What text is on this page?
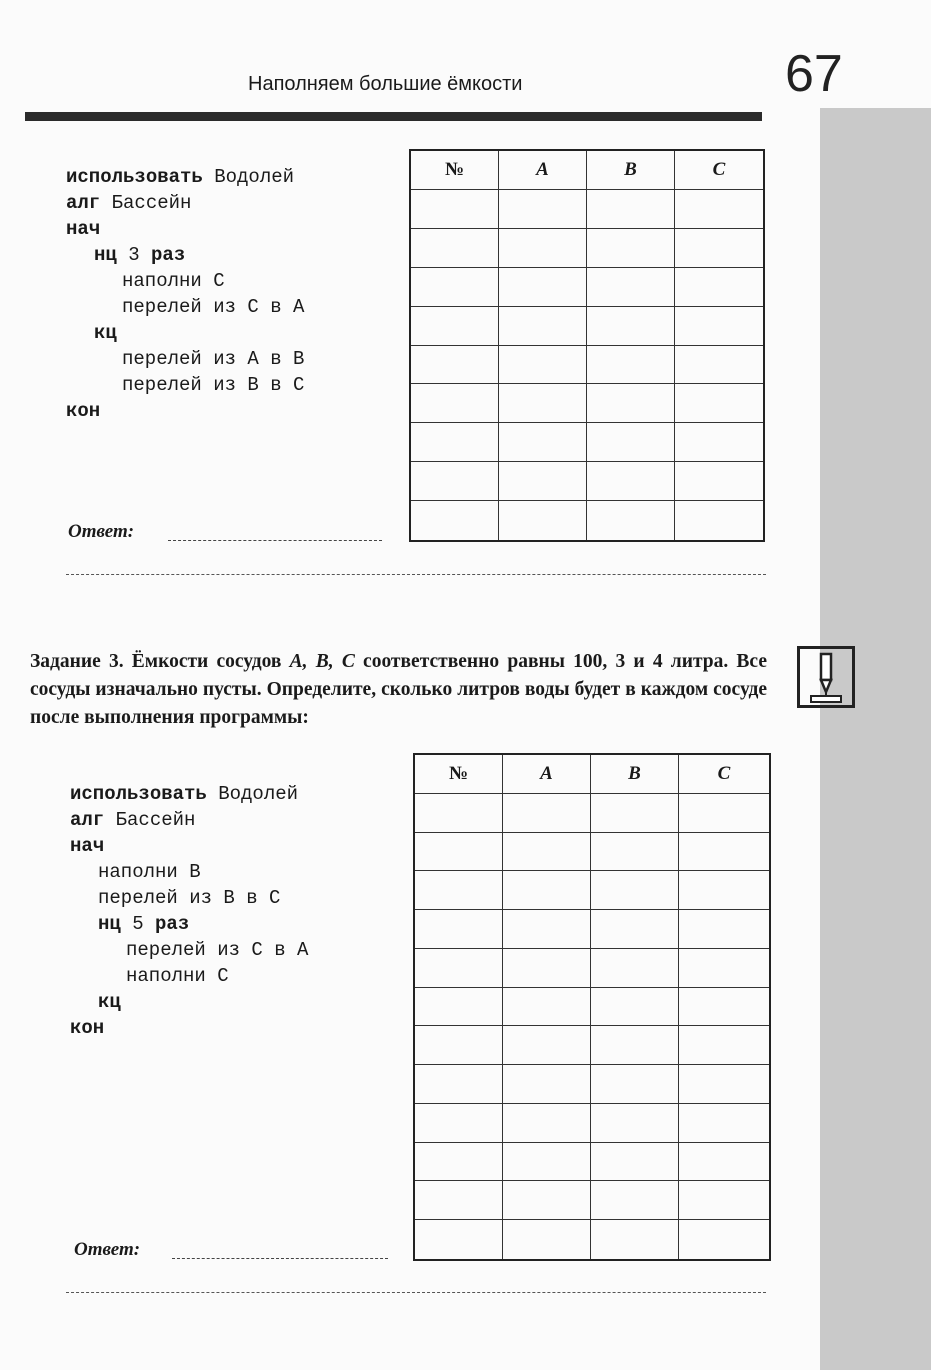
Наполняем большие ёмкости	67
использовать Водолей
алг Бассейн
нач
нц 3 раз
наполни C
перелей из C в A
кц
перелей из A в B
перелей из B в C
кон
№	A	B	C
Ответ:
Задание 3. Ёмкости сосудов A, B, C соответственно равны 100, 3 и 4 литра. Все сосуды изначально пусты. Определите, сколько литров воды будет в каждом сосуде после выполнения программы:
использовать Водолей
алг Бассейн
нач
наполни B
перелей из B в C
нц 5 раз
перелей из C в A
наполни C
кц
кон
№	A	B	C
Ответ:
